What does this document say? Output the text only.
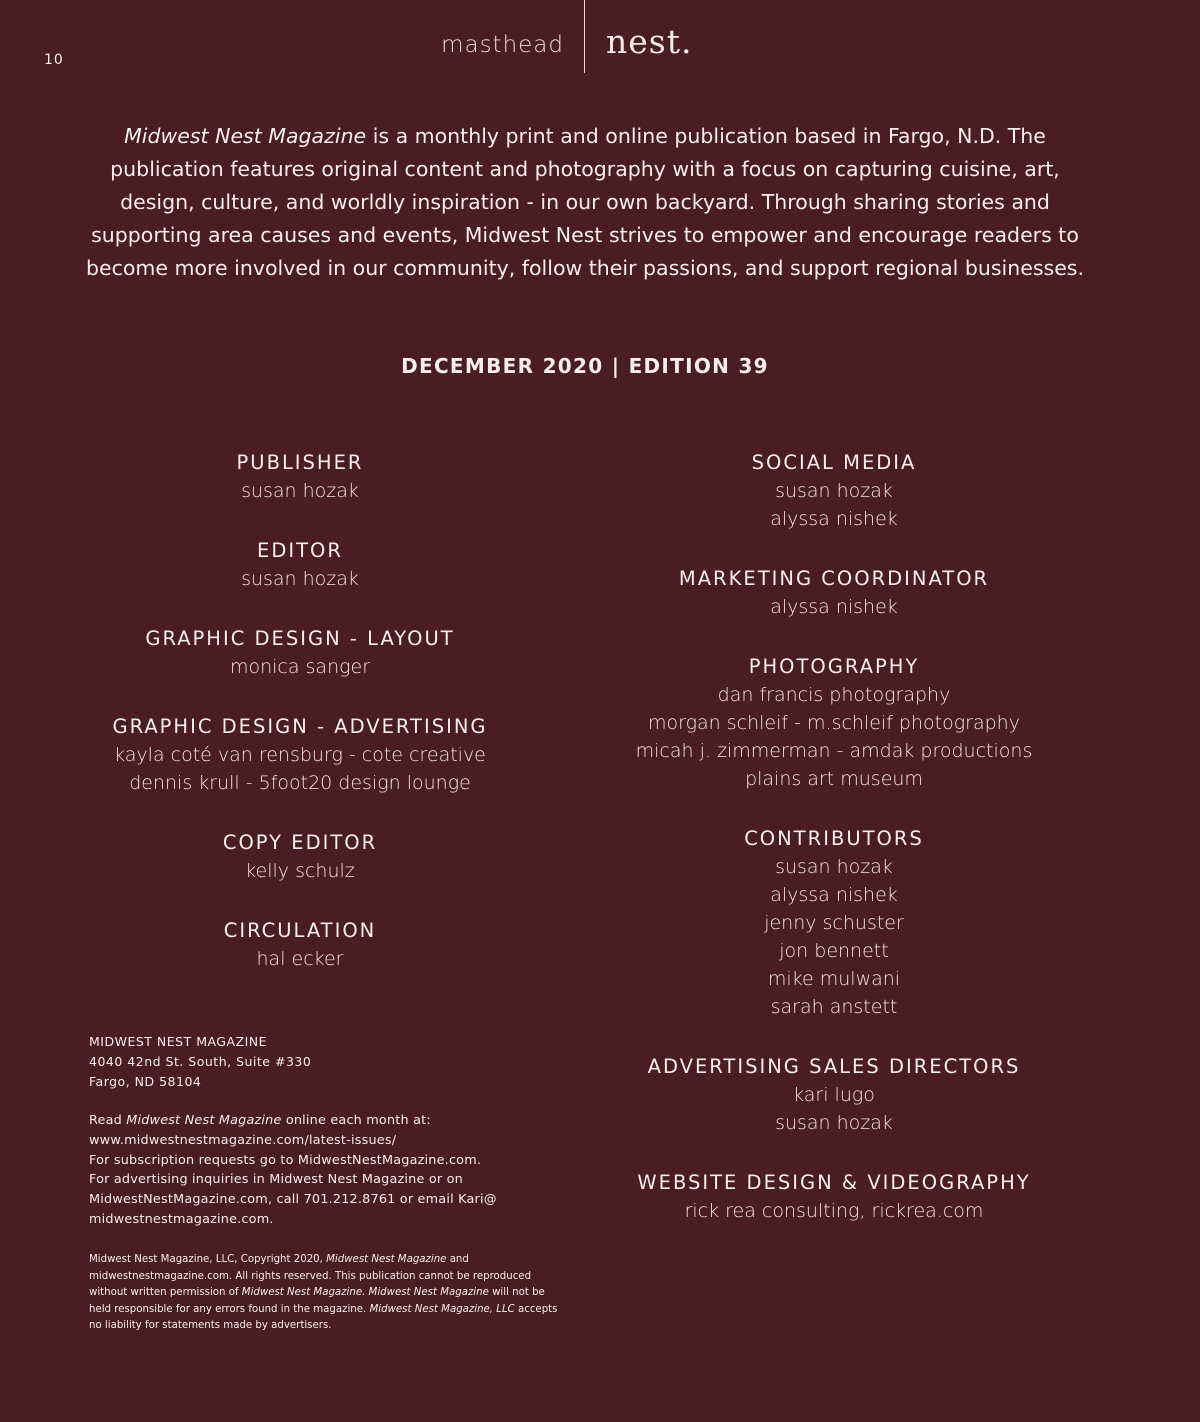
10
masthead nest.
Midwest Nest Magazine is a monthly print and online publication based in Fargo, N.D. The publication features original content and photography with a focus on capturing cuisine, art, design, culture, and worldly inspiration - in our own backyard. Through sharing stories and supporting area causes and events, Midwest Nest strives to empower and encourage readers to become more involved in our community, follow their passions, and support regional businesses.
DECEMBER 2020 | EDITION 39
PUBLISHER
susan hozak
EDITOR
susan hozak
GRAPHIC DESIGN - LAYOUT
monica sanger
GRAPHIC DESIGN - ADVERTISING
kayla coté van rensburg - cote creative
dennis krull - 5foot20 design lounge
COPY EDITOR
kelly schulz
CIRCULATION
hal ecker
SOCIAL MEDIA
susan hozak
alyssa nishek
MARKETING COORDINATOR
alyssa nishek
PHOTOGRAPHY
dan francis photography
morgan schleif - m.schleif photography
micah j. zimmerman - amdak productions
plains art museum
CONTRIBUTORS
susan hozak
alyssa nishek
jenny schuster
jon bennett
mike mulwani
sarah anstett
ADVERTISING SALES DIRECTORS
kari lugo
susan hozak
WEBSITE DESIGN & VIDEOGRAPHY
rick rea consulting, rickrea.com

MIDWEST NEST MAGAZINE

4040 42nd St. South, Suite #330

Fargo, ND 58104

Read Midwest Nest Magazine online each month at:

www.midwestnestmagazine.com/latest-issues/

For subscription requests go to MidwestNestMagazine.com.

For advertising inquiries in Midwest Nest Magazine or on

MidwestNestMagazine.com, call 701.212.8761 or email Kari@

midwestnestmagazine.com.

Midwest Nest Magazine, LLC, Copyright 2020, Midwest Nest Magazine and midwestnestmagazine.com. All rights reserved. This publication cannot be reproduced without written permission of Midwest Nest Magazine. Midwest Nest Magazine will not be held responsible for any errors found in the magazine. Midwest Nest Magazine, LLC accepts no liability for statements made by advertisers.
